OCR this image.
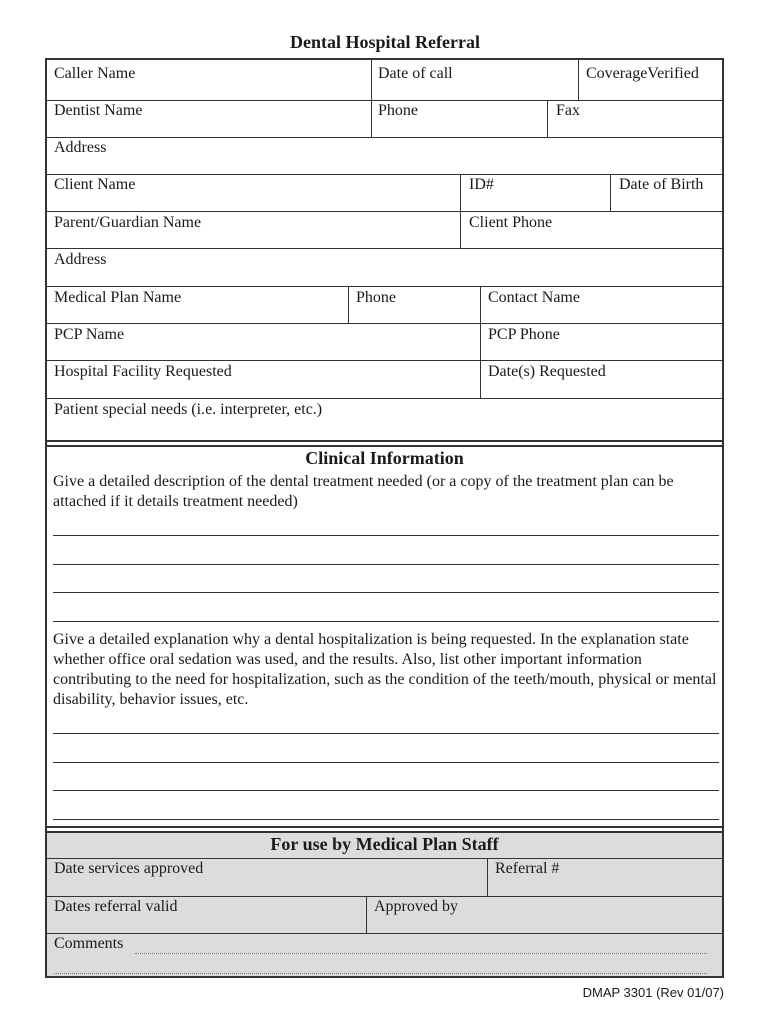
Dental Hospital Referral
Caller Name	Date of call	CoverageVerified
Dentist Name	Phone	Fax
Address
Client Name	ID#	Date of Birth
Parent/Guardian Name	Client Phone
Address
Medical Plan Name	Phone	Contact Name
PCP Name	PCP Phone
Hospital Facility Requested	Date(s) Requested
Patient special needs (i.e. interpreter, etc.)
Clinical Information
Give a detailed description of the dental treatment needed (or a copy of the treatment plan can be attached if it details treatment needed)
Give a detailed explanation why a dental hospitalization is being requested. In the explanation state whether office oral sedation was used, and the results. Also, list other important information contributing to the need for hospitalization, such as the condition of the teeth/mouth, physical or mental disability, behavior issues, etc.
For use by Medical Plan Staff
Date services approved	Referral #
Dates referral valid	Approved by
Comments
DMAP 3301 (Rev 01/07)
